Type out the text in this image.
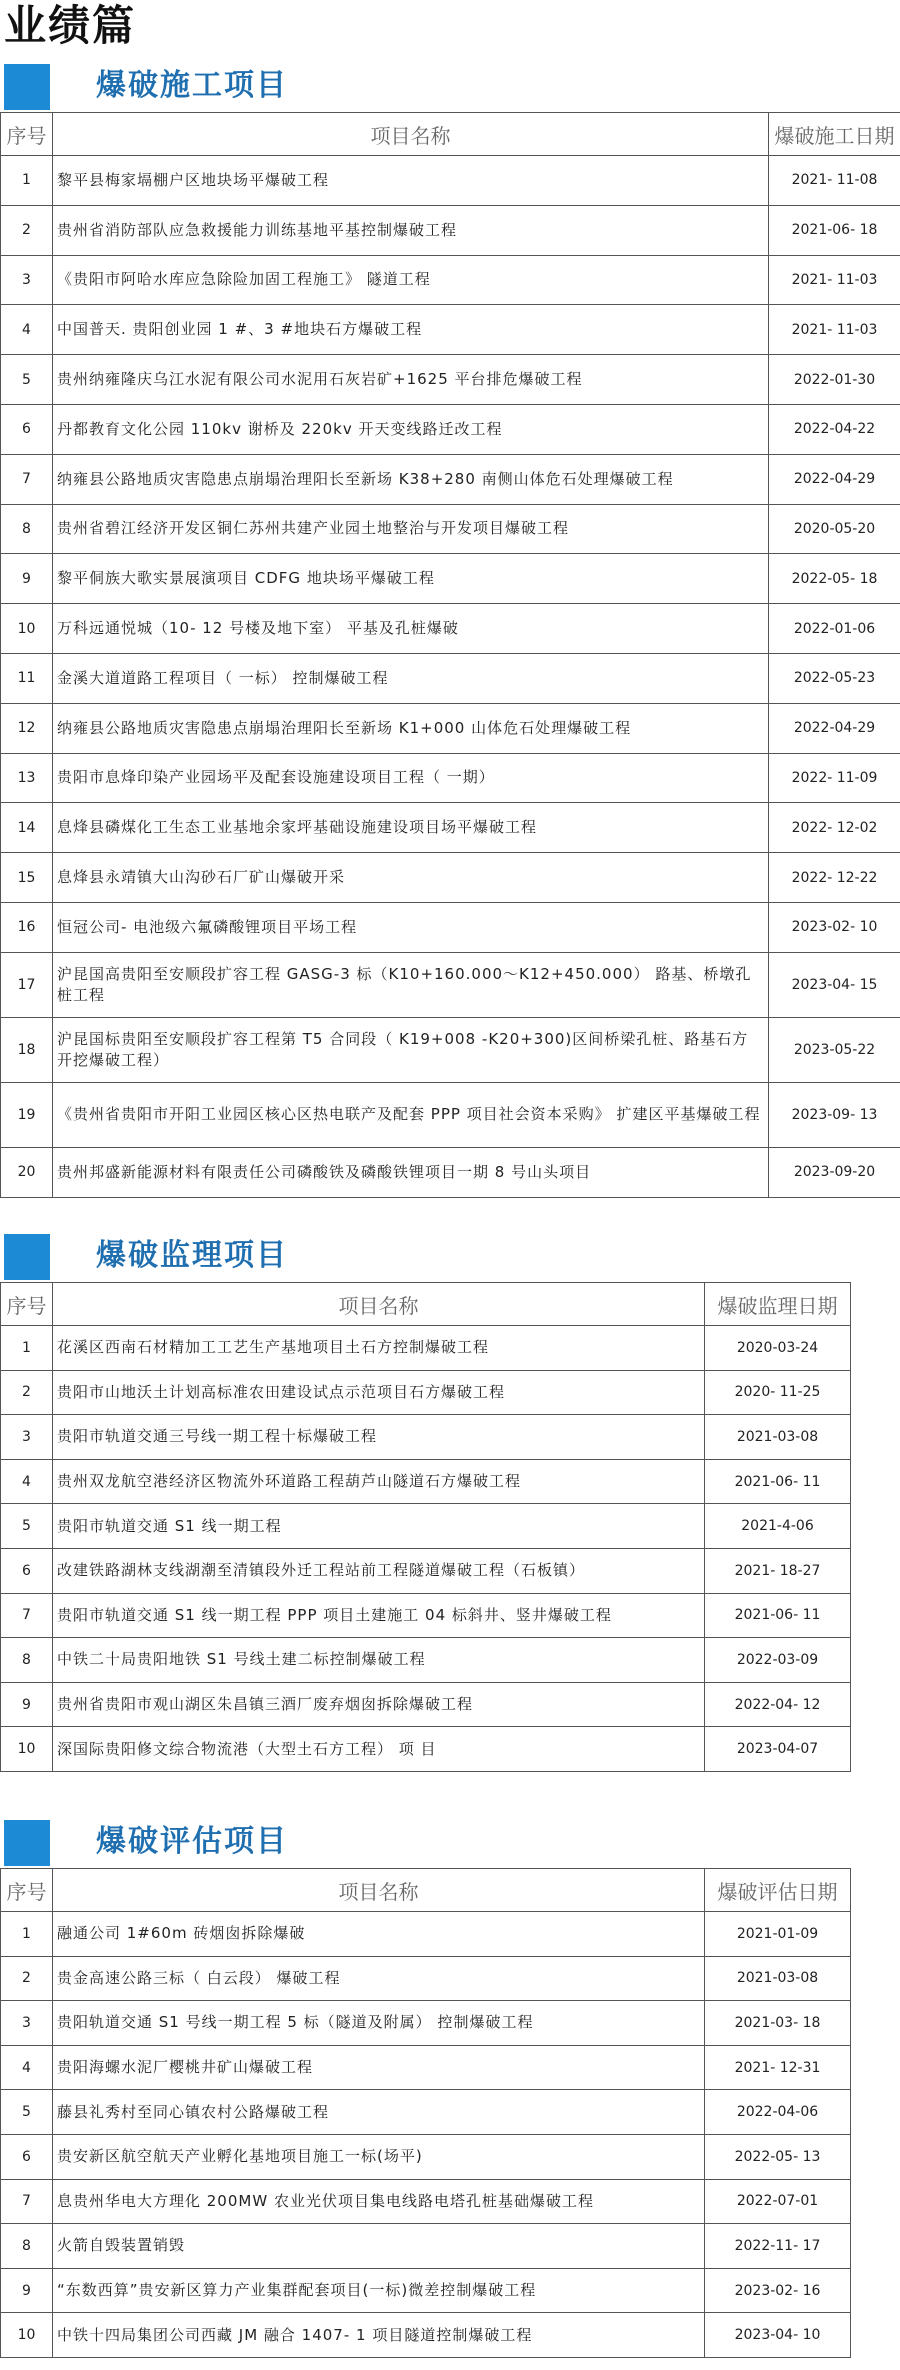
业绩篇
爆破施工项目
序号	项目名称	爆破施工日期
1	黎平县梅家塥棚户区地块场平爆破工程	2021- 11-08
2	贵州省消防部队应急救援能力训练基地平基控制爆破工程	2021-06- 18
3	《贵阳市阿哈水库应急除险加固工程施工》 隧道工程	2021- 11-03
4	中国普天. 贵阳创业园 1 #、3 #地块石方爆破工程	2021- 11-03
5	贵州纳雍隆庆乌江水泥有限公司水泥用石灰岩矿+1625 平台排危爆破工程	2022-01-30
6	丹都教育文化公园 110kv 谢桥及 220kv 开天变线路迁改工程	2022-04-22
7	纳雍县公路地质灾害隐患点崩塌治理阳长至新场 K38+280 南侧山体危石处理爆破工程	2022-04-29
8	贵州省碧江经济开发区铜仁苏州共建产业园土地整治与开发项目爆破工程	2020-05-20
9	黎平侗族大歌实景展演项目 CDFG 地块场平爆破工程	2022-05- 18
10	万科远通悦城（10- 12 号楼及地下室） 平基及孔桩爆破	2022-01-06
11	金溪大道道路工程项目（ 一标） 控制爆破工程	2022-05-23
12	纳雍县公路地质灾害隐患点崩塌治理阳长至新场 K1+000 山体危石处理爆破工程	2022-04-29
13	贵阳市息烽印染产业园场平及配套设施建设项目工程（ 一期）	2022- 11-09
14	息烽县磷煤化工生态工业基地余家坪基础设施建设项目场平爆破工程	2022- 12-02
15	息烽县永靖镇大山沟砂石厂矿山爆破开采	2022- 12-22
16	恒冠公司- 电池级六氟磷酸锂项目平场工程	2023-02- 10
17	沪昆国高贵阳至安顺段扩容工程 GASG-3 标（K10+160.000～K12+450.000） 路基、桥墩孔桩工程	2023-04- 15
18	沪昆国标贵阳至安顺段扩容工程第 T5 合同段（ K19+008 -K20+300)区间桥梁孔桩、路基石方开挖爆破工程）	2023-05-22
19	《贵州省贵阳市开阳工业园区核心区热电联产及配套 PPP 项目社会资本采购》 扩建区平基爆破工程	2023-09- 13
20	贵州邦盛新能源材料有限责任公司磷酸铁及磷酸铁锂项目一期 8 号山头项目	2023-09-20
爆破监理项目
序号	项目名称	爆破监理日期
1	花溪区西南石材精加工工艺生产基地项目土石方控制爆破工程	2020-03-24
2	贵阳市山地沃土计划高标准农田建设试点示范项目石方爆破工程	2020- 11-25
3	贵阳市轨道交通三号线一期工程十标爆破工程	2021-03-08
4	贵州双龙航空港经济区物流外环道路工程葫芦山隧道石方爆破工程	2021-06- 11
5	贵阳市轨道交通 S1 线一期工程	2021-4-06
6	改建铁路湖林支线湖潮至清镇段外迁工程站前工程隧道爆破工程（石板镇）	2021- 18-27
7	贵阳市轨道交通 S1 线一期工程 PPP 项目土建施工 04 标斜井、竖井爆破工程	2021-06- 11
8	中铁二十局贵阳地铁 S1 号线土建二标控制爆破工程	2022-03-09
9	贵州省贵阳市观山湖区朱昌镇三酒厂废弃烟囱拆除爆破工程	2022-04- 12
10	深国际贵阳修文综合物流港（大型土石方工程） 项 目	2023-04-07
爆破评估项目
序号	项目名称	爆破评估日期
1	融通公司 1#60m 砖烟囱拆除爆破	2021-01-09
2	贵金高速公路三标（ 白云段） 爆破工程	2021-03-08
3	贵阳轨道交通 S1 号线一期工程 5 标（隧道及附属） 控制爆破工程	2021-03- 18
4	贵阳海螺水泥厂樱桃井矿山爆破工程	2021- 12-31
5	藤县礼秀村至同心镇农村公路爆破工程	2022-04-06
6	贵安新区航空航天产业孵化基地项目施工一标(场平)	2022-05- 13
7	息贵州华电大方理化 200MW 农业光伏项目集电线路电塔孔桩基础爆破工程	2022-07-01
8	火箭自毁装置销毁	2022-11- 17
9	“东数西算”贵安新区算力产业集群配套项目(一标)微差控制爆破工程	2023-02- 16
10	中铁十四局集团公司西藏 JM 融合 1407- 1 项目隧道控制爆破工程	2023-04- 10
